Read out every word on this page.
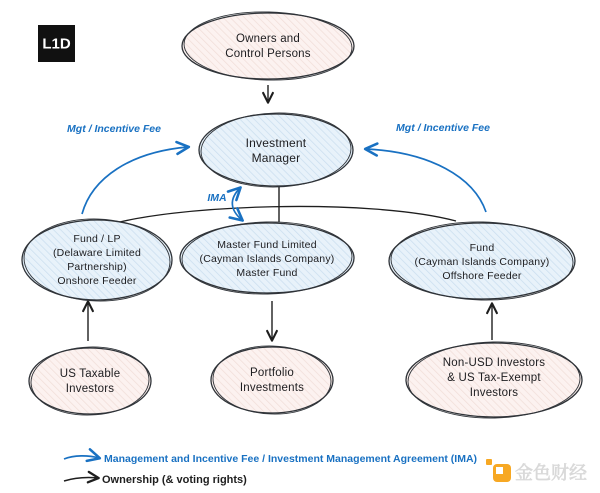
L1D
Mgt / Incentive Fee	Mgt / Incentive Fee
IMA
Owners and
Control Persons
Investment
Manager
Fund / LP
(Delaware Limited
Partnership)
Onshore Feeder
Master Fund Limited
(Cayman Islands Company)
Master Fund
Fund
(Cayman Islands Company)
Offshore Feeder
US Taxable
Investors
Portfolio
Investments
Non-USD Investors
& US Tax-Exempt
Investors
Management and Incentive Fee / Investment Management Agreement (IMA)
Ownership (& voting rights)	金色财经
